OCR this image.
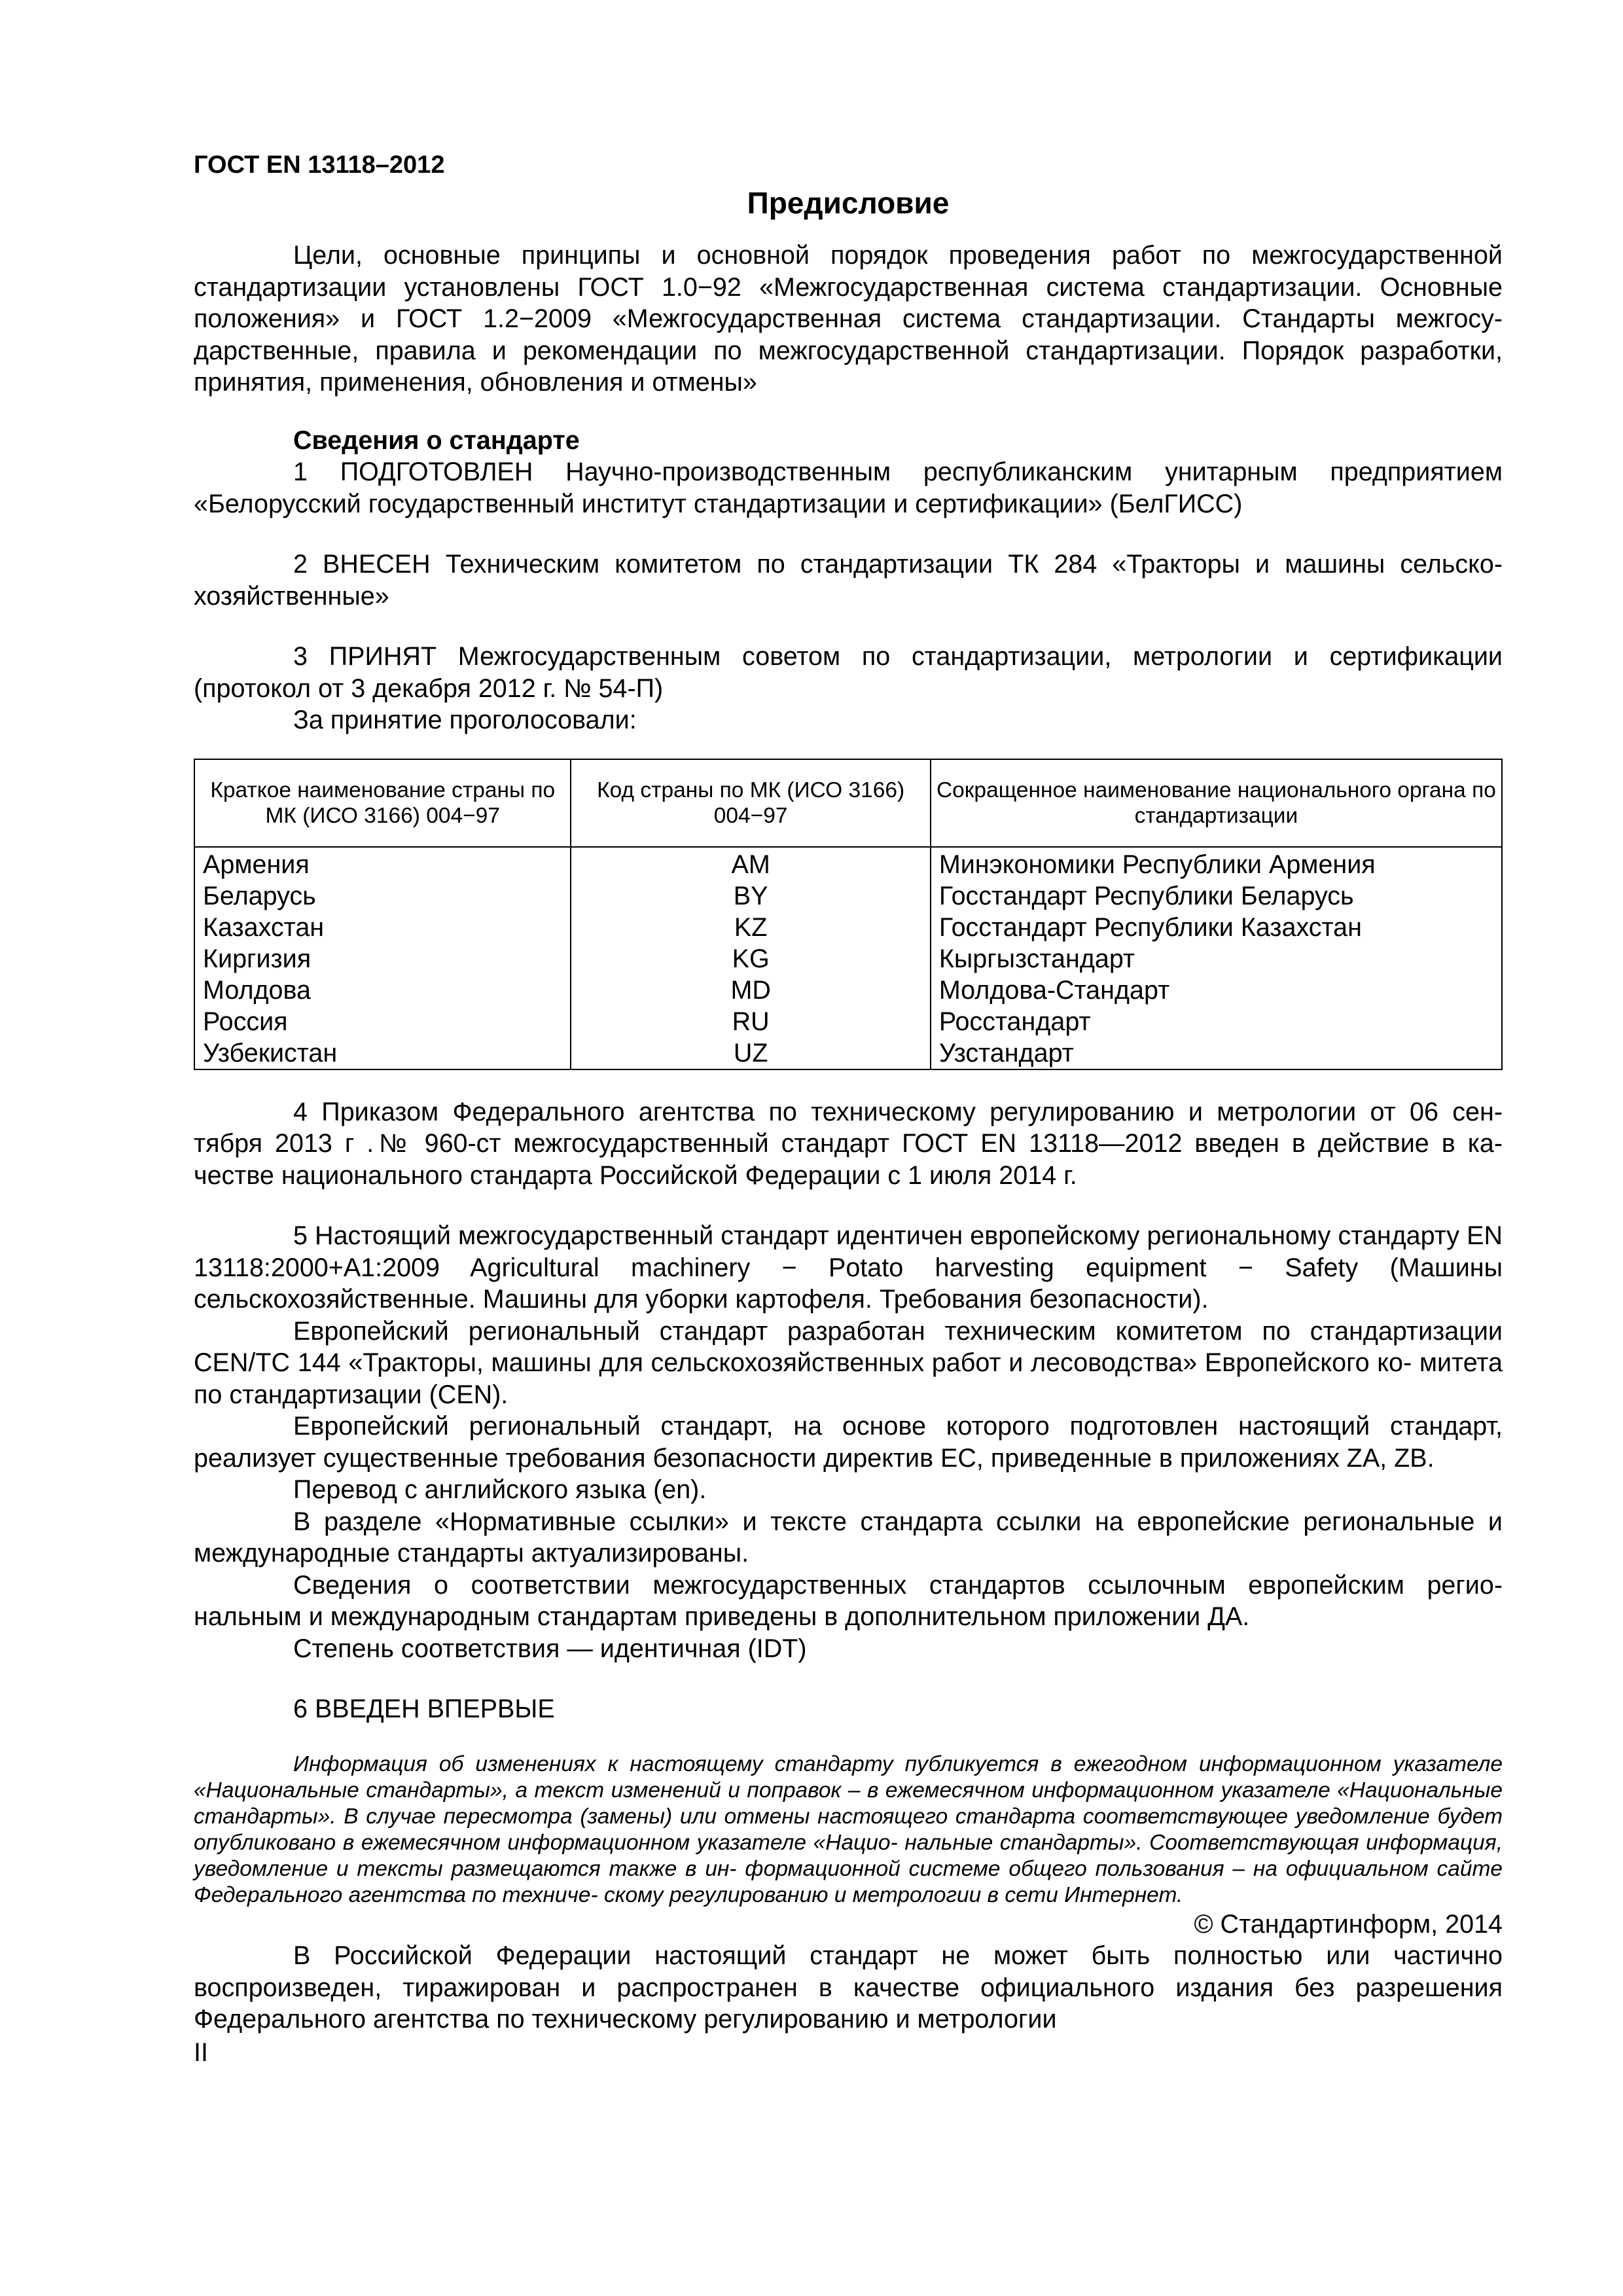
ГОСТ EN 13118–2012

Предисловие

Цели, основные принципы и основной порядок проведения работ по межгосударственной стандартизации установлены ГОСТ 1.0−92 «Межгосударственная система стандартизации. Основные положения» и ГОСТ 1.2−2009 «Межгосударственная система стандартизации. Стандарты межгосу- дарственные, правила и рекомендации по межгосударственной стандартизации. Порядок разработки, принятия, применения, обновления и отмены»

Сведения о стандарте

1 ПОДГОТОВЛЕН Научно-производственным республиканским унитарным предприятием «Белорусский государственный институт стандартизации и сертификации» (БелГИСС)

2 ВНЕСЕН Техническим комитетом по стандартизации ТК 284 «Тракторы и машины сельско- хозяйственные»

3 ПРИНЯТ Межгосударственным советом по стандартизации, метрологии и сертификации (протокол от 3 декабря 2012 г. № 54-П)

За принятие проголосовали:

Краткое наименование страны по МК (ИСО 3166) 004−97	Код страны по МК (ИСО 3166) 004−97	Сокращенное наименование национального органа по стандартизации
Армения	AM	Минэкономики Республики Армения
Беларусь	BY	Госстандарт Республики Беларусь
Казахстан	KZ	Госстандарт Республики Казахстан
Киргизия	KG	Кыргызстандарт
Молдова	MD	Молдова-Стандарт
Россия	RU	Росстандарт
Узбекистан	UZ	Узстандарт

4 Приказом Федерального агентства по техническому регулированию и метрологии от 06 сен- тября 2013 г .№ 960-ст межгосударственный стандарт ГОСТ EN 13118—2012 введен в действие в ка- честве национального стандарта Российской Федерации с 1 июля 2014 г.

5 Настоящий межгосударственный стандарт идентичен европейскому региональному стандарту EN 13118:2000+A1:2009 Agricultural machinery − Potato harvesting equipment − Safety (Машины сельскохозяйственные. Машины для уборки картофеля. Требования безопасности).

Европейский региональный стандарт разработан техническим комитетом по стандартизации CEN/TC 144 «Тракторы, машины для сельскохозяйственных работ и лесоводства» Европейского ко- митета по стандартизации (CEN).

Европейский региональный стандарт, на основе которого подготовлен настоящий стандарт, реализует существенные требования безопасности директив ЕС, приведенные в приложениях ZA, ZB.

Перевод с английского языка (en).

В разделе «Нормативные ссылки» и тексте стандарта ссылки на европейские региональные и международные стандарты актуализированы.

Сведения о соответствии межгосударственных стандартов ссылочным европейским регио- нальным и международным стандартам приведены в дополнительном приложении ДА.

Степень соответствия — идентичная (IDT)

6 ВВЕДЕН ВПЕРВЫЕ

Информация об изменениях к настоящему стандарту публикуется в ежегодном информационном указателе «Национальные стандарты», а текст изменений и поправок – в ежемесячном информационном указателе «Национальные стандарты». В случае пересмотра (замены) или отмены настоящего стандарта соответствующее уведомление будет опубликовано в ежемесячном информационном указателе «Нацио- нальные стандарты». Соответствующая информация, уведомление и тексты размещаются также в ин- формационной системе общего пользования – на официальном сайте Федерального агентства по техниче- скому регулированию и метрологии в сети Интернет.

© Стандартинформ, 2014

В Российской Федерации настоящий стандарт не может быть полностью или частично воспроизведен, тиражирован и распространен в качестве официального издания без разрешения Федерального агентства по техническому регулированию и метрологии

II
